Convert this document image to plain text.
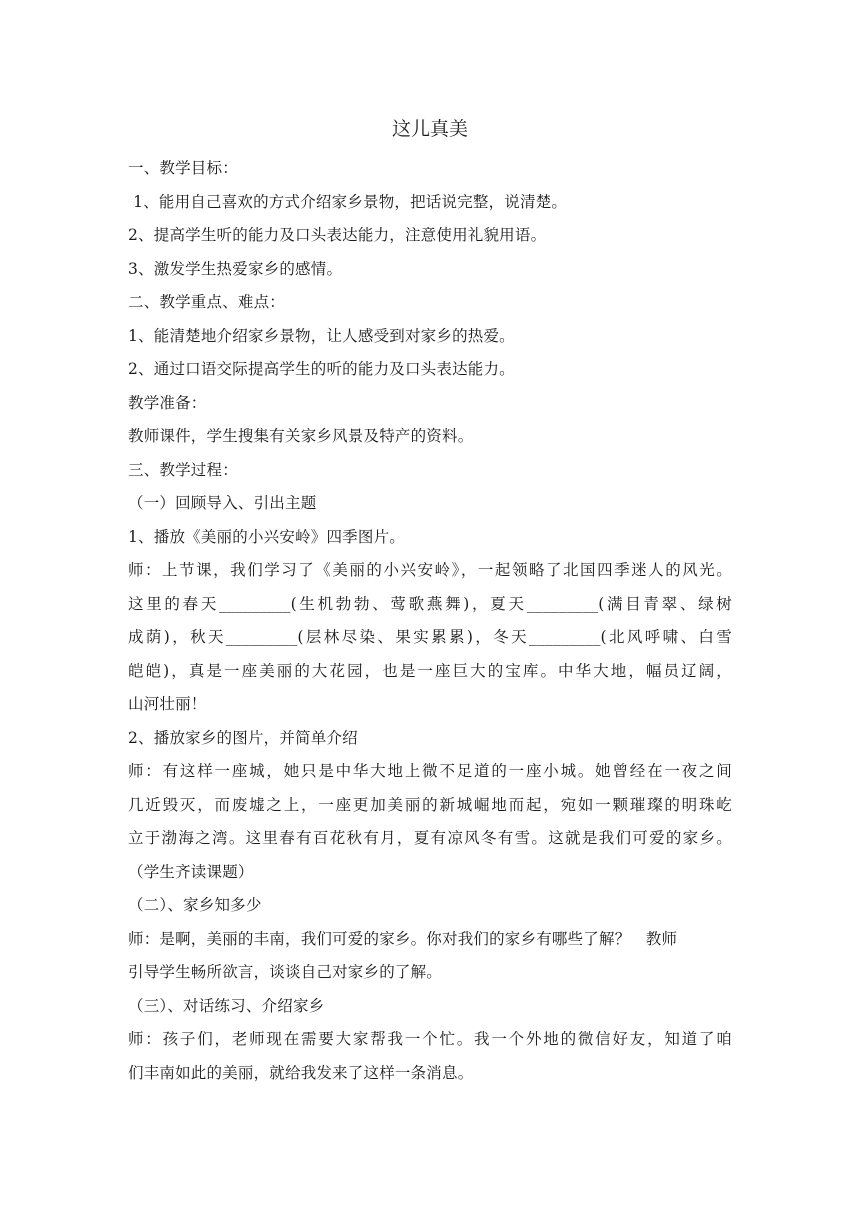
这儿真美
一、教学目标：
1、能用自己喜欢的方式介绍家乡景物，把话说完整，说清楚。
2、提高学生听的能力及口头表达能力，注意使用礼貌用语。
3、激发学生热爱家乡的感情。
二、教学重点、难点：
1、能清楚地介绍家乡景物，让人感受到对家乡的热爱。
2、通过口语交际提高学生的听的能力及口头表达能力。
教学准备：
教师课件，学生搜集有关家乡风景及特产的资料。
三、教学过程：
（一）回顾导入、引出主题
1、播放《美丽的小兴安岭》四季图片。
师：上节课，我们学习了《美丽的小兴安岭》，一起领略了北国四季迷人的风光。
这里的春天_________(生机勃勃、莺歌燕舞)，夏天_________(满目青翠、绿树
成荫)，秋天_________(层林尽染、果实累累)，冬天_________(北风呼啸、白雪
皑皑)，真是一座美丽的大花园，也是一座巨大的宝库。中华大地，幅员辽阔，
山河壮丽！
2、播放家乡的图片，并简单介绍
师：有这样一座城，她只是中华大地上微不足道的一座小城。她曾经在一夜之间
几近毁灭，而废墟之上，一座更加美丽的新城崛地而起，宛如一颗璀璨的明珠屹
立于渤海之湾。这里春有百花秋有月，夏有凉风冬有雪。这就是我们可爱的家乡。
（学生齐读课题）
（二）、家乡知多少
师：是啊，美丽的丰南，我们可爱的家乡。你对我们的家乡有哪些了解？   教师
引导学生畅所欲言，谈谈自己对家乡的了解。
（三）、对话练习、介绍家乡
师：孩子们，老师现在需要大家帮我一个忙。我一个外地的微信好友，知道了咱
们丰南如此的美丽，就给我发来了这样一条消息。
